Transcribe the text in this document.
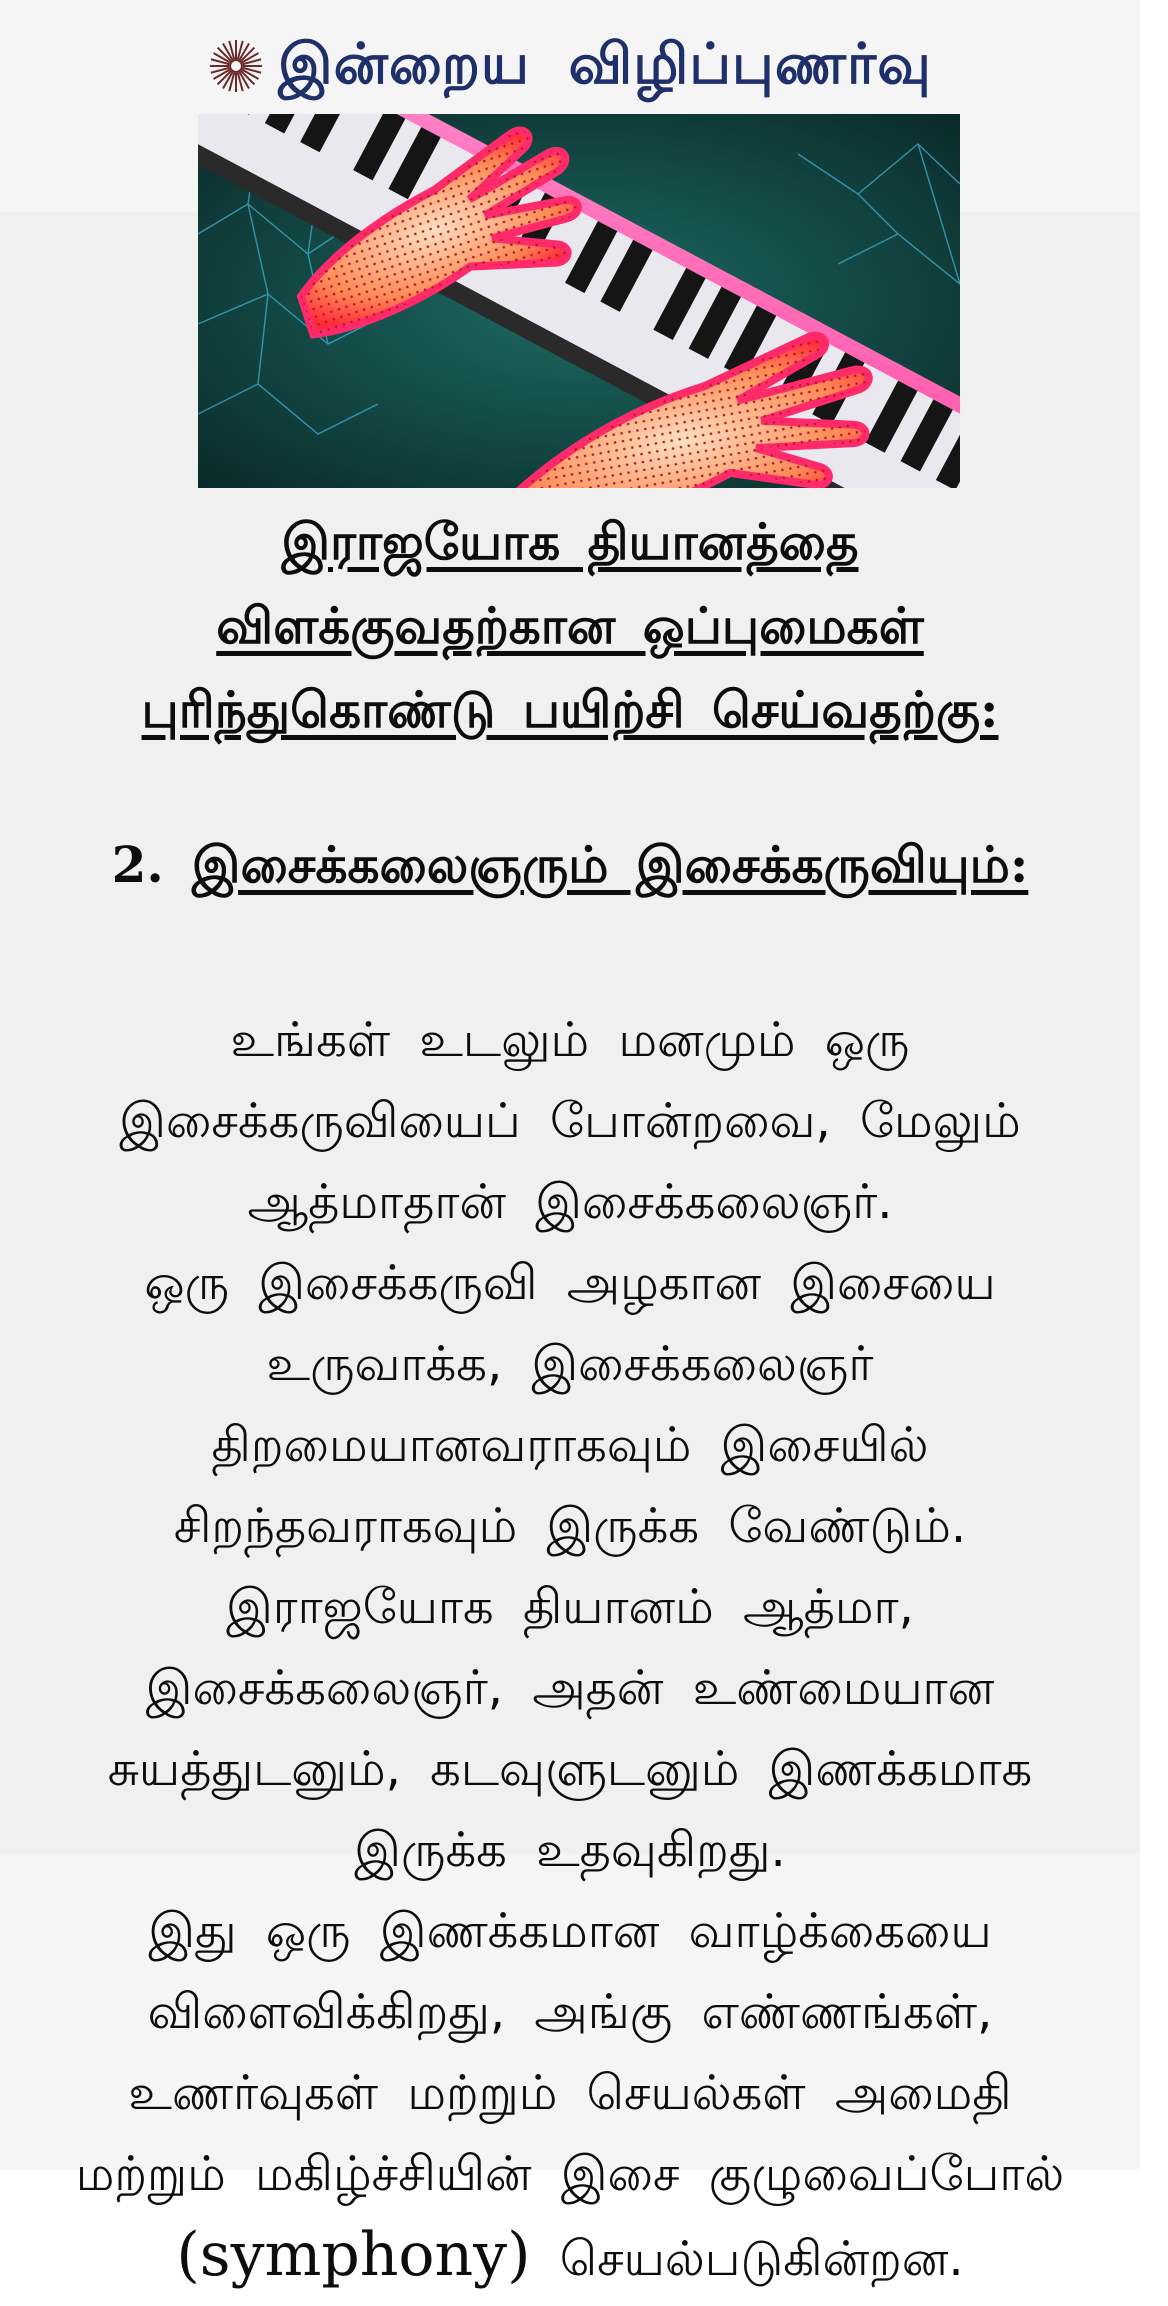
இன்றைய விழிப்புணர்வு
இராஜயோக தியானத்தை
விளக்குவதற்கான ஒப்புமைகள்
புரிந்துகொண்டு பயிற்சி செய்வதற்கு:
2. இசைக்கலைஞரும் இசைக்கருவியும்:
உங்கள் உடலும் மனமும் ஒரு
இசைக்கருவியைப் போன்றவை, மேலும்
ஆத்மாதான் இசைக்கலைஞர்.
ஒரு இசைக்கருவி அழகான இசையை
உருவாக்க, இசைக்கலைஞர்
திறமையானவராகவும் இசையில்
சிறந்தவராகவும் இருக்க வேண்டும்.
இராஜயோக தியானம் ஆத்மா,
இசைக்கலைஞர், அதன் உண்மையான
சுயத்துடனும், கடவுளுடனும் இணக்கமாக
இருக்க உதவுகிறது.
இது ஒரு இணக்கமான வாழ்க்கையை
விளைவிக்கிறது, அங்கு எண்ணங்கள்,
உணர்வுகள் மற்றும் செயல்கள் அமைதி
மற்றும் மகிழ்ச்சியின் இசை குழுவைப்போல்
(symphony) செயல்படுகின்றன.
